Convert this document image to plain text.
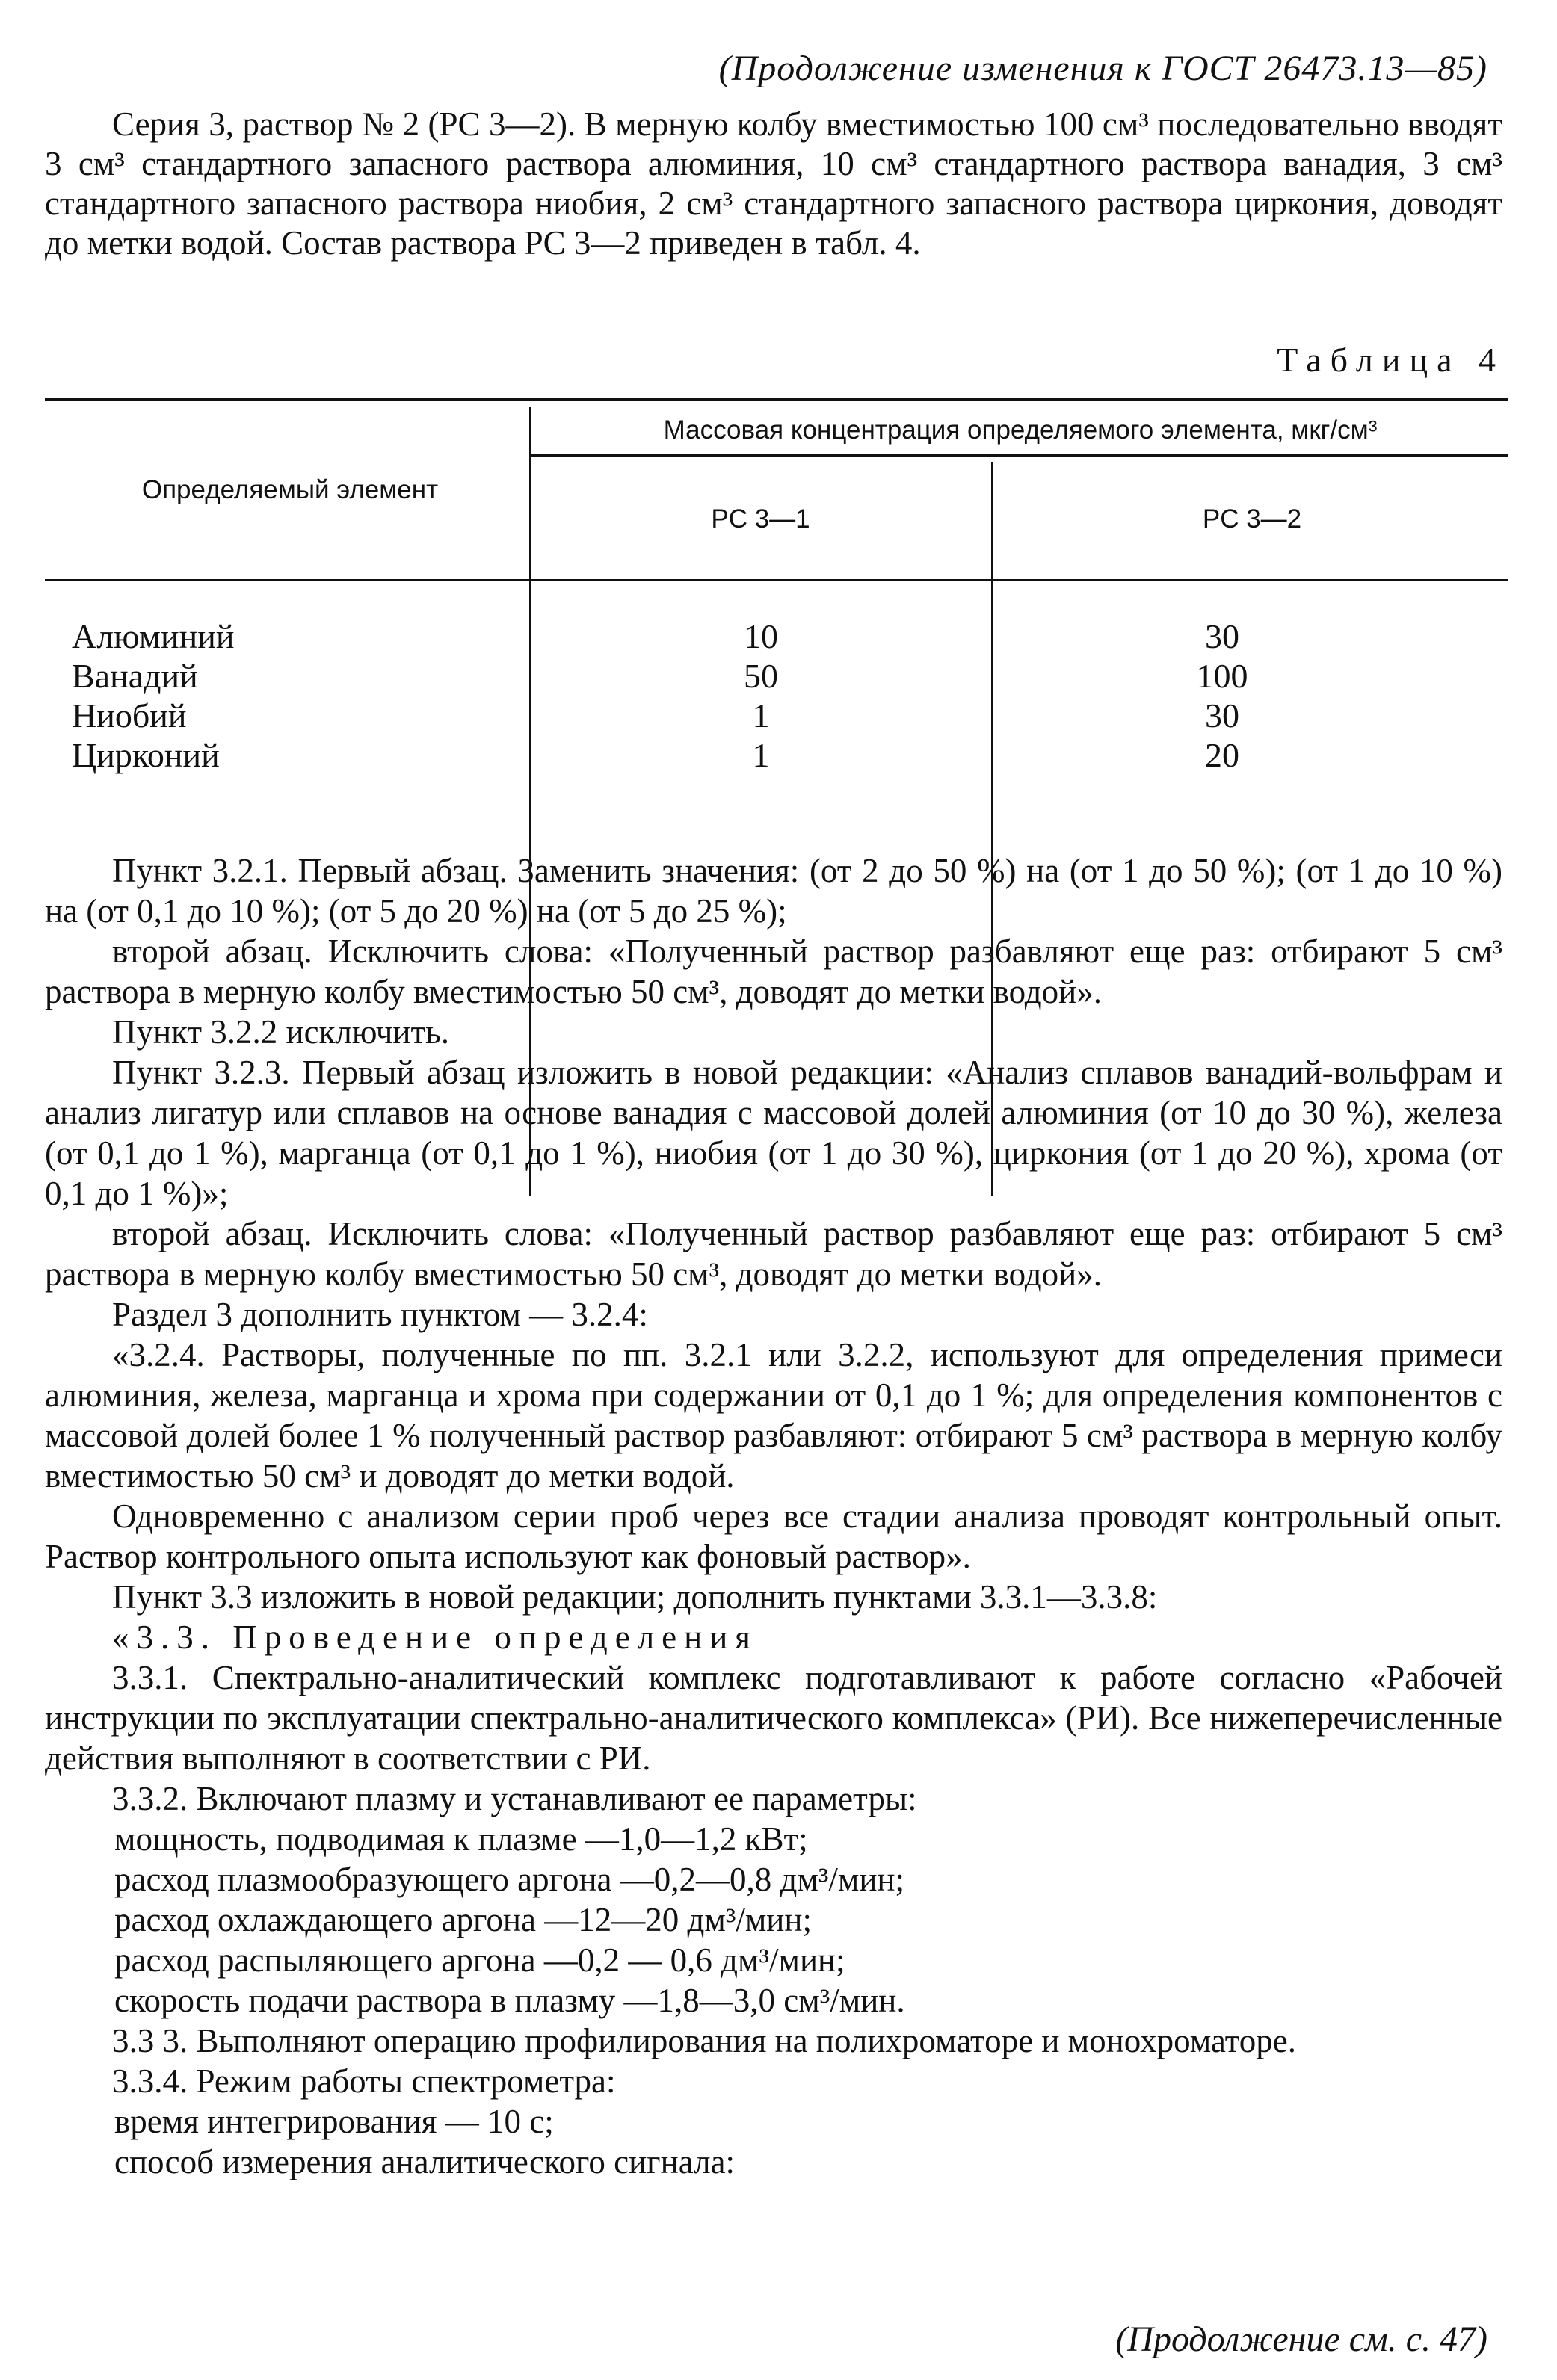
(Продолжение изменения к ГОСТ 26473.13—85)

Серия 3, раствор № 2 (PC 3—2). В мерную колбу вместимостью 100 см³ последовательно вводят 3 см³ стандартного запасного раствора алюминия, 10 см³ стандартного раствора ванадия, 3 см³ стандартного запасного раствора ниобия, 2 см³ стандартного запасного раствора циркония, доводят до метки водой. Состав раствора PC 3—2 приведен в табл. 4.

Таблица 4
Определяемый элемент
Массовая концентрация определяемого элемента, мкг/см³
PC 3—1	PC 3—2
Алюминий
Ванадий
Ниобий
Цирконий
10
50
1
1
30
100
30
20

Пункт 3.2.1. Первый абзац. Заменить значения: (от 2 до 50 %) на (от 1 до 50 %); (от 1 до 10 %) на (от 0,1 до 10 %); (от 5 до 20 %) на (от 5 до 25 %);

второй абзац. Исключить слова: «Полученный раствор разбавляют еще раз: отбирают 5 см³ раствора в мерную колбу вместимостью 50 см³, доводят до метки водой».

Пункт 3.2.2 исключить.

Пункт 3.2.3. Первый абзац изложить в новой редакции: «Анализ сплавов ванадий-вольфрам и анализ лигатур или сплавов на основе ванадия с массовой долей алюминия (от 10 до 30 %), железа (от 0,1 до 1 %), марганца (от 0,1 до 1 %), ниобия (от 1 до 30 %), циркония (от 1 до 20 %), хрома (от 0,1 до 1 %)»;

второй абзац. Исключить слова: «Полученный раствор разбавляют еще раз: отбирают 5 см³ раствора в мерную колбу вместимостью 50 см³, доводят до метки водой».

Раздел 3 дополнить пунктом — 3.2.4:

«3.2.4. Растворы, полученные по пп. 3.2.1 или 3.2.2, используют для определения примеси алюминия, железа, марганца и хрома при содержании от 0,1 до 1 %; для определения компонентов с массовой долей более 1 % полученный раствор разбавляют: отбирают 5 см³ раствора в мерную колбу вместимостью 50 см³ и доводят до метки водой.

Одновременно с анализом серии проб через все стадии анализа проводят контрольный опыт. Раствор контрольного опыта используют как фоновый раствор».

Пункт 3.3 изложить в новой редакции; дополнить пунктами 3.3.1—3.3.8:

«3.3. Проведение определения

3.3.1. Спектрально-аналитический комплекс подготавливают к работе согласно «Рабочей инструкции по эксплуатации спектрально-аналитического комплекса» (РИ). Все нижеперечисленные действия выполняют в соответствии с РИ.

3.3.2. Включают плазму и устанавливают ее параметры:

мощность, подводимая к плазме —1,0—1,2 кВт;

расход плазмообразующего аргона —0,2—0,8 дм³/мин;

расход охлаждающего аргона —12—20 дм³/мин;

расход распыляющего аргона —0,2 — 0,6 дм³/мин;

скорость подачи раствора в плазму —1,8—3,0 см³/мин.

3.3 3. Выполняют операцию профилирования на полихроматоре и монохроматоре.

3.3.4. Режим работы спектрометра:

время интегрирования — 10 с;

способ измерения аналитического сигнала:

(Продолжение см. с. 47)
